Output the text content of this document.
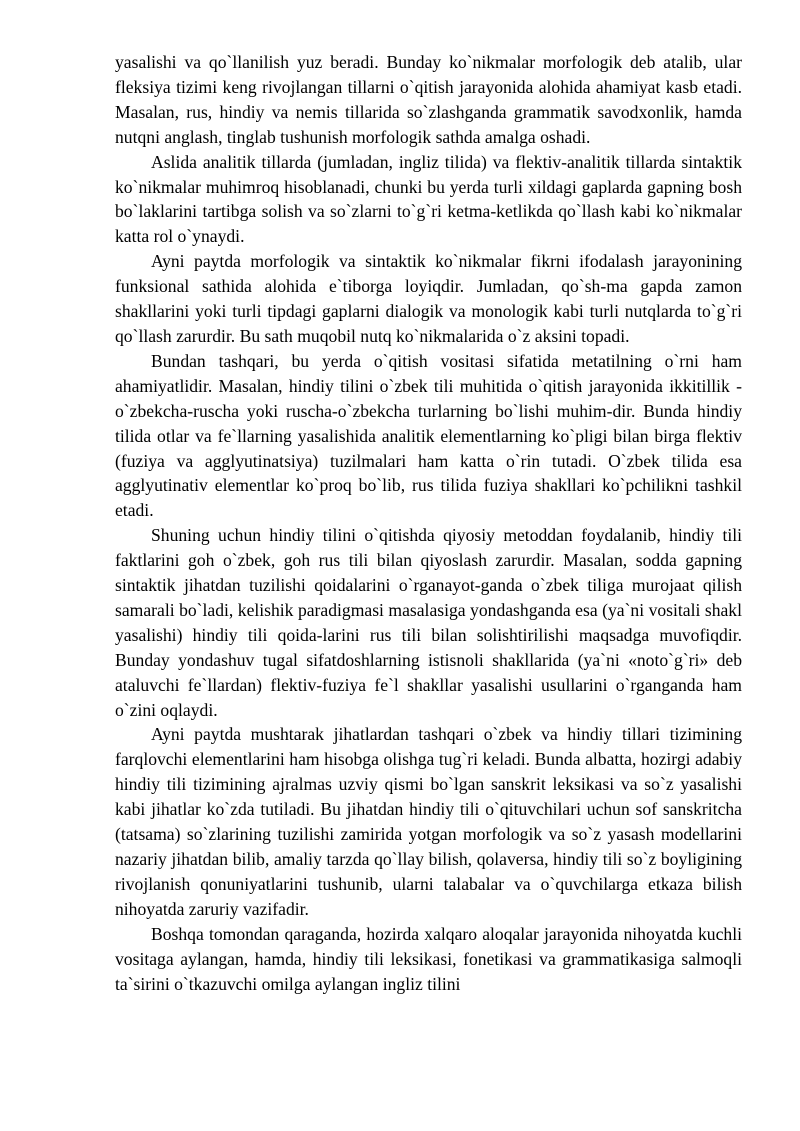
yasalishi va qo`llanilish yuz beradi. Bunday ko`nikmalar morfologik deb atalib, ular fleksiya tizimi keng rivojlangan tillarni o`qitish jarayonida alohida ahamiyat kasb etadi. Masalan, rus, hindiy va nemis tillarida so`zlashganda grammatik savodxonlik, hamda nutqni anglash, tinglab tushunish morfologik sathda amalga oshadi.

Aslida analitik tillarda (jumladan, ingliz tilida) va flektiv-analitik tillarda sintaktik ko`nikmalar muhimroq hisoblanadi, chunki bu yerda turli xildagi gaplarda gapning bosh bo`laklarini tartibga solish va so`zlarni to`g`ri ketma-ketlikda qo`llash kabi ko`nikmalar katta rol o`ynaydi.

Ayni paytda morfologik va sintaktik ko`nikmalar fikrni ifodalash jarayonining funksional sathida alohida e`tiborga loyiqdir. Jumladan, qo`sh-ma gapda zamon shakllarini yoki turli tipdagi gaplarni dialogik va monologik kabi turli nutqlarda to`g`ri qo`llash zarurdir. Bu sath muqobil nutq ko`nikmalarida o`z aksini topadi.

Bundan tashqari, bu yerda o`qitish vositasi sifatida metatilning o`rni ham ahamiyatlidir. Masalan, hindiy tilini o`zbek tili muhitida o`qitish jarayonida ikkitillik - o`zbekcha-ruscha yoki ruscha-o`zbekcha turlarning bo`lishi muhim-dir. Bunda hindiy tilida otlar va fe`llarning yasalishida analitik elementlarning ko`pligi bilan birga flektiv (fuziya va agglyutinatsiya) tuzilmalari ham katta o`rin tutadi. O`zbek tilida esa agglyutinativ elementlar ko`proq bo`lib, rus tilida fuziya shakllari ko`pchilikni tashkil etadi.

Shuning uchun hindiy tilini o`qitishda qiyosiy metoddan foydalanib, hindiy tili faktlarini goh o`zbek, goh rus tili bilan qiyoslash zarurdir. Masalan, sodda gapning sintaktik jihatdan tuzilishi qoidalarini o`rganayot-ganda o`zbek tiliga murojaat qilish samarali bo`ladi, kelishik paradigmasi masalasiga yondashganda esa (ya`ni vositali shakl yasalishi) hindiy tili qoida-larini rus tili bilan solishtirilishi maqsadga muvofiqdir. Bunday yondashuv tugal sifatdoshlarning istisnoli shakllarida (ya`ni «noto`g`ri» deb ataluvchi fe`llardan) flektiv-fuziya fe`l shakllar yasalishi usullarini o`rganganda ham o`zini oqlaydi.

Ayni paytda mushtarak jihatlardan tashqari o`zbek va hindiy tillari tizimining farqlovchi elementlarini ham hisobga olishga tug`ri keladi. Bunda albatta, hozirgi adabiy hindiy tili tizimining ajralmas uzviy qismi bo`lgan sanskrit leksikasi va so`z yasalishi kabi jihatlar ko`zda tutiladi. Bu jihatdan hindiy tili o`qituvchilari uchun sof sanskritcha (tatsama) so`zlarining tuzilishi zamirida yotgan morfologik va so`z yasash modellarini nazariy jihatdan bilib, amaliy tarzda qo`llay bilish, qolaversa, hindiy tili so`z boyligining rivojlanish qonuniyatlarini tushunib, ularni talabalar va o`quvchilarga etkaza bilish nihoyatda zaruriy vazifadir.

Boshqa tomondan qaraganda, hozirda xalqaro aloqalar jarayonida nihoyatda kuchli vositaga aylangan, hamda, hindiy tili leksikasi, fonetikasi va grammatikasiga salmoqli ta`sirini o`tkazuvchi omilga aylangan ingliz tilini
